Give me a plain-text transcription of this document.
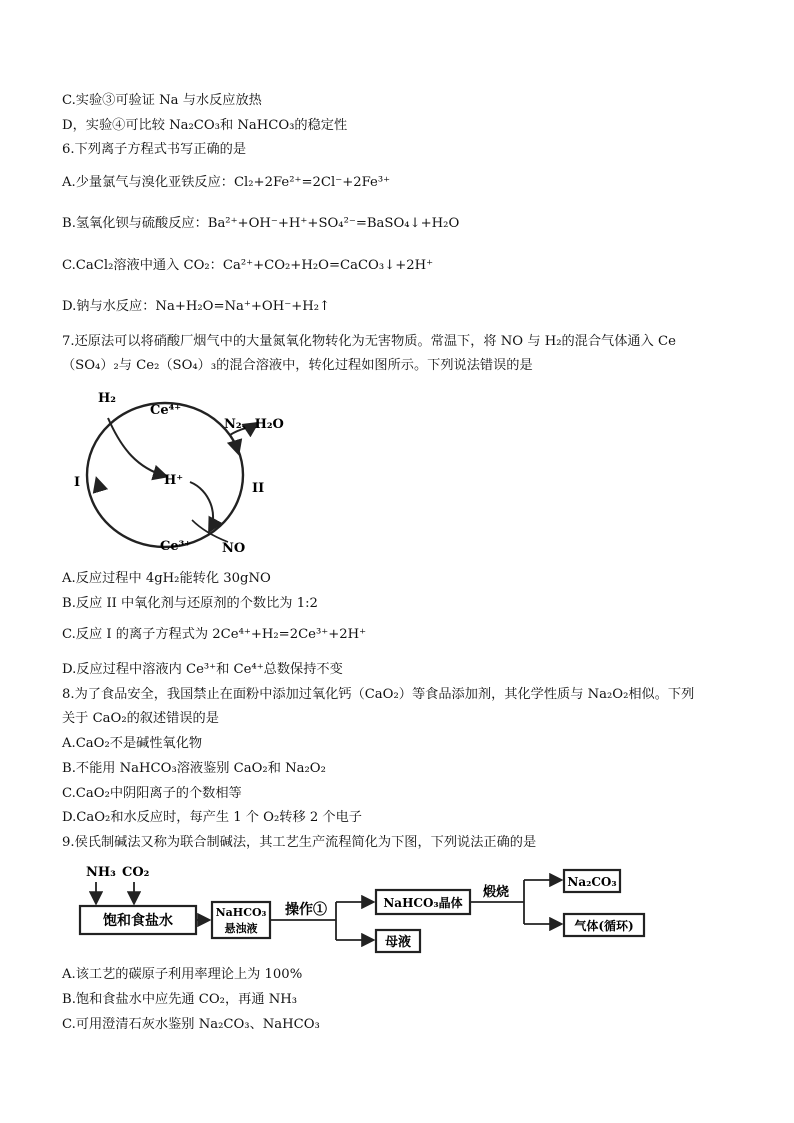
C.实验③可验证 Na 与水反应放热
D，实验④可比较 Na₂CO₃和 NaHCO₃的稳定性
6.下列离子方程式书写正确的是
A.少量氯气与溴化亚铁反应：Cl₂+2Fe²⁺=2Cl⁻+2Fe³⁺
B.氢氧化钡与硫酸反应：Ba²⁺+OH⁻+H⁺+SO₄²⁻=BaSO₄↓+H₂O
C.CaCl₂溶液中通入 CO₂：Ca²⁺+CO₂+H₂O=CaCO₃↓+2H⁺
D.钠与水反应：Na+H₂O=Na⁺+OH⁻+H₂↑
7.还原法可以将硝酸厂烟气中的大量氮氧化物转化为无害物质。常温下，将 NO 与 H₂的混合气体通入 Ce
（SO₄）₂与 Ce₂（SO₄）₃的混合溶液中，转化过程如图所示。下列说法错误的是
H₂
Ce⁴⁺
N₂、H₂O
H⁺
I	II
Ce³⁺ NO
A.反应过程中 4gH₂能转化 30gNO
B.反应 II 中氧化剂与还原剂的个数比为 1:2
C.反应 I 的离子方程式为 2Ce⁴⁺+H₂=2Ce³⁺+2H⁺
D.反应过程中溶液内 Ce³⁺和 Ce⁴⁺总数保持不变
8.为了食品安全，我国禁止在面粉中添加过氧化钙（CaO₂）等食品添加剂，其化学性质与 Na₂O₂相似。下列
关于 CaO₂的叙述错误的是
A.CaO₂不是碱性氧化物
B.不能用 NaHCO₃溶液鉴别 CaO₂和 Na₂O₂
C.CaO₂中阴阳离子的个数相等
D.CaO₂和水反应时，每产生 1 个 O₂转移 2 个电子
9.侯氏制碱法又称为联合制碱法，其工艺生产流程简化为下图，下列说法正确的是
NH₃ CO₂
饱和食盐水
NaHCO₃
悬浊液
操作①	NaHCO₃晶体
母液
煅烧
Na₂CO₃
气体(循环)
A.该工艺的碳原子利用率理论上为 100%
B.饱和食盐水中应先通 CO₂，再通 NH₃
C.可用澄清石灰水鉴别 Na₂CO₃、NaHCO₃
